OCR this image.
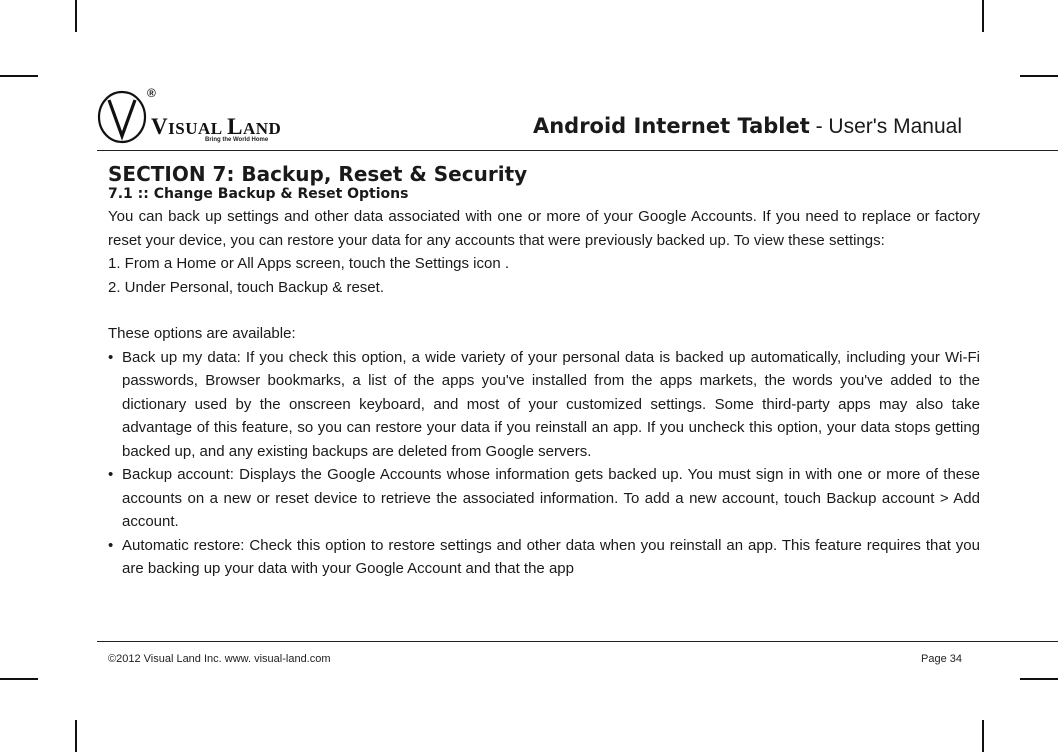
®
VISUAL LAND
Bring the World Home
Android Internet Tablet - User's Manual
SECTION 7: Backup, Reset & Security
7.1 :: Change Backup & Reset Options

You can back up settings and other data associated with one or more of your Google Accounts. If you need to replace or factory reset your device, you can restore your data for any accounts that were previously backed up. To view these settings:

1. From a Home or All Apps screen, touch the Settings icon .

2. Under Personal, touch Backup & reset.

These options are available:

• Back up my data: If you check this option, a wide variety of your personal data is backed up automatically, including your Wi-Fi passwords, Browser bookmarks, a list of the apps you've installed from the apps markets, the words you've added to the dictionary used by the onscreen keyboard, and most of your customized settings. Some third-party apps may also take advantage of this feature, so you can restore your data if you reinstall an app. If you uncheck this option, your data stops getting backed up, and any existing backups are deleted from Google servers.
• Backup account: Displays the Google Accounts whose information gets backed up. You must sign in with one or more of these accounts on a new or reset device to retrieve the associated information. To add a new account, touch Backup account > Add account.
• Automatic restore: Check this option to restore settings and other data when you reinstall an app. This feature requires that you are backing up your data with your Google Account and that the app
©2012 Visual Land Inc. www. visual-land.com	Page 34
